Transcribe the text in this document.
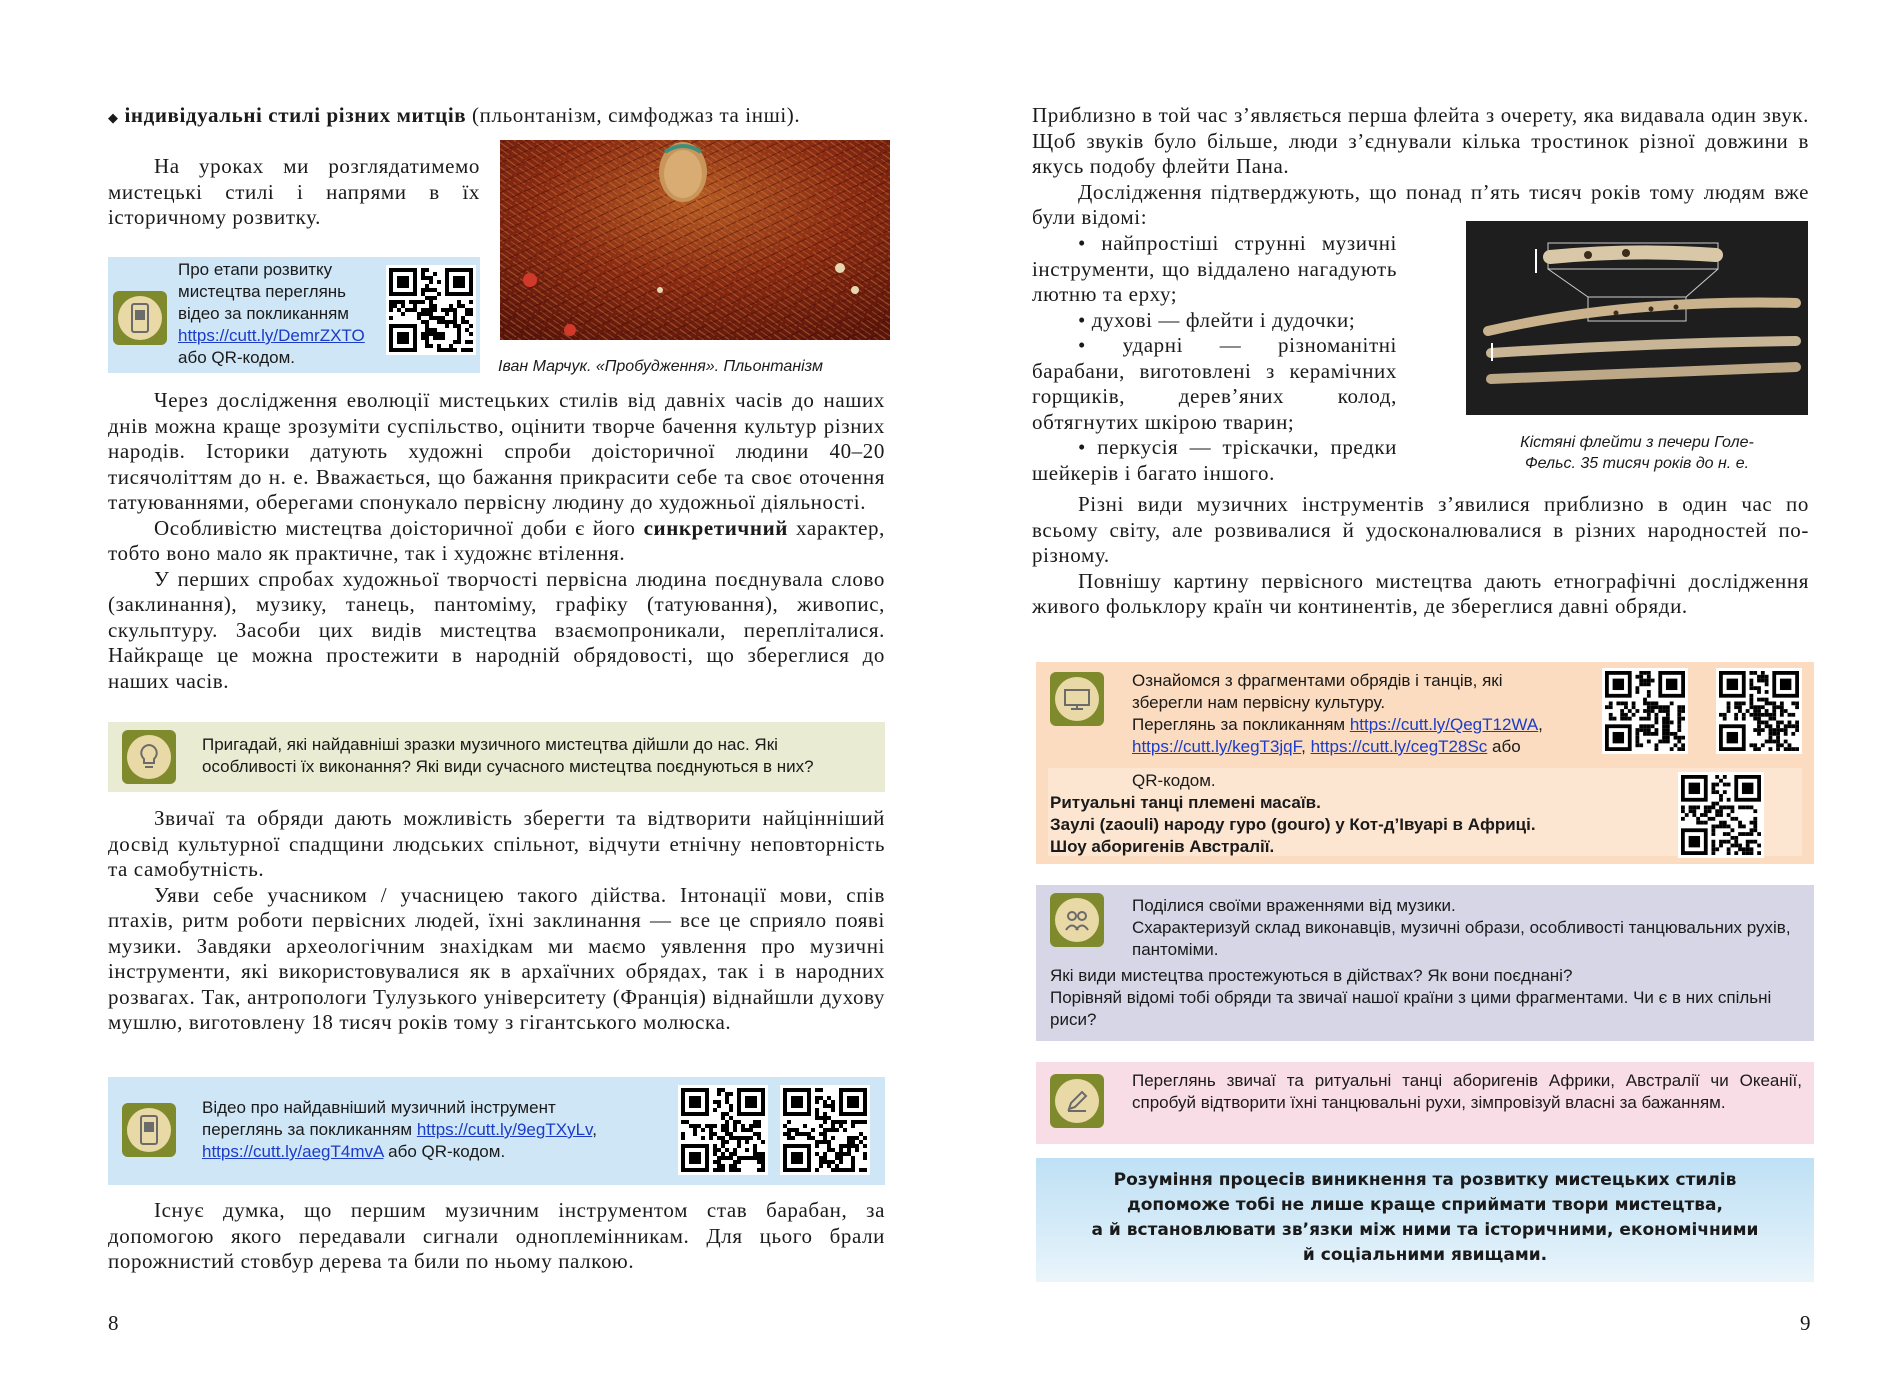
◆ індивідуальні стилі різних митців (пльонтанізм, симфоджаз та інші).

На уроках ми розглядатимемо мистецькі стилі і напрями в їх історичному розвитку.

Іван Марчук. «Пробудження». Пльонтанізм
Про етапи розвитку
мистецтва переглянь
відео за покликанням
https://cutt.ly/DemrZXTO
або QR-кодом.

Через дослідження еволюції мистецьких стилів від давніх часів до наших днів можна краще зрозуміти суспільство, оцінити творче бачення культур різних народів. Історики датують художні спроби доісторичної людини 40–20 тисячоліттям до н. е. Вважається, що бажання прикрасити себе та своє оточення татуюваннями, оберегами спонукало первісну людину до художньої діяльності.

Особливістю мистецтва доісторичної доби є його синкретичний характер, тобто воно мало як практичне, так і художнє втілення.

У перших спробах художньої творчості первісна людина поєднувала слово (заклинання), музику, танець, пантоміму, графіку (татуювання), живопис, скульптуру. Засоби цих видів мистецтва взаємопроникали, перепліталися. Найкраще це можна простежити в народній обрядовості, що збереглися до наших часів.

Пригадай, які найдавніші зразки музичного мистецтва дійшли до нас. Які особливості їх виконання? Які види сучасного мистецтва поєднуються в них?

Звичаї та обряди дають можливість зберегти та відтворити найцінніший досвід культурної спадщини людських спільнот, відчути етнічну неповторність та самобутність.

Уяви себе учасником / учасницею такого дійства. Інтонації мови, спів птахів, ритм роботи первісних людей, їхні заклинання — все це сприяло появі музики. Завдяки археологічним знахідкам ми маємо уявлення про музичні інструменти, які використовувалися як в архаїчних обрядах, так і в народних розвагах. Так, антропологи Тулузького університету (Франція) віднайшли духову мушлю, виготовлену 18 тисяч років тому з гігантського молюска.

Відео про найдавніший музичний інструмент
переглянь за покликанням https://cutt.ly/9egTXyLv,
https://cutt.ly/aegT4mvA або QR-кодом.

Існує думка, що першим музичним інструментом став барабан, за допомогою якого передавали сигнали одноплемінникам. Для цього брали порожнистий стовбур дерева та били по ньому палкою.

8

Приблизно в той час з’являється перша флейта з очерету, яка видавала один звук. Щоб звуків було більше, люди з’єднували кілька тростинок різної довжини в якусь подобу флейти Пана.

Дослідження підтверджують, що понад п’ять тисяч років тому людям вже були відомі:

• найпростіші струнні музичні інструменти, що віддалено нагадують лютню та ерху;

• духові — флейти і дудочки;

• ударні — різноманітні барабани, виготовлені з керамічних горщиків, дерев’яних колод, обтягнутих шкірою тварин;

• перкусія — тріскачки, предки шейкерів і багато іншого.

Кістяні флейти з печери Голе-
Фельс. 35 тисяч років до н. е.

Різні види музичних інструментів з’явилися приблизно в один час по всьому світу, але розвивалися й удосконалювалися в різних народностей по-різному.

Повнішу картину первісного мистецтва дають етнографічні дослідження живого фольклору країн чи континентів, де збереглися давні обряди.

Ознайомся з фрагментами обрядів і танців, які
зберегли нам первісну культуру.
Переглянь за покликанням https://cutt.ly/QegT12WA,
https://cutt.ly/kegT3jqF, https://cutt.ly/cegT28Sc або
QR-кодом.
Ритуальні танці племені масаїв.
Заулі (zaouli) народу гуро (gouro) у Кот-д’Івуарі в Африці.
Шоу аборигенів Австралії.
Поділися своїми враженнями від музики.
Схарактеризуй склад виконавців, музичні образи, особливості танцювальних рухів, пантоміми.
Які види мистецтва простежуються в дійствах? Як вони поєднані?
Порівняй відомі тобі обряди та звичаї нашої країни з цими фрагментами. Чи є в них спільні риси?
Переглянь звичаї та ритуальні танці аборигенів Африки, Австралії чи Океанії, спробуй відтворити їхні танцювальні рухи, зімпровізуй власні за бажанням.
Розуміння процесів виникнення та розвитку мистецьких стилів
допоможе тобі не лише краще сприймати твори мистецтва,
а й встановлювати зв’язки між ними та історичними, економічними
й соціальними явищами.
9
